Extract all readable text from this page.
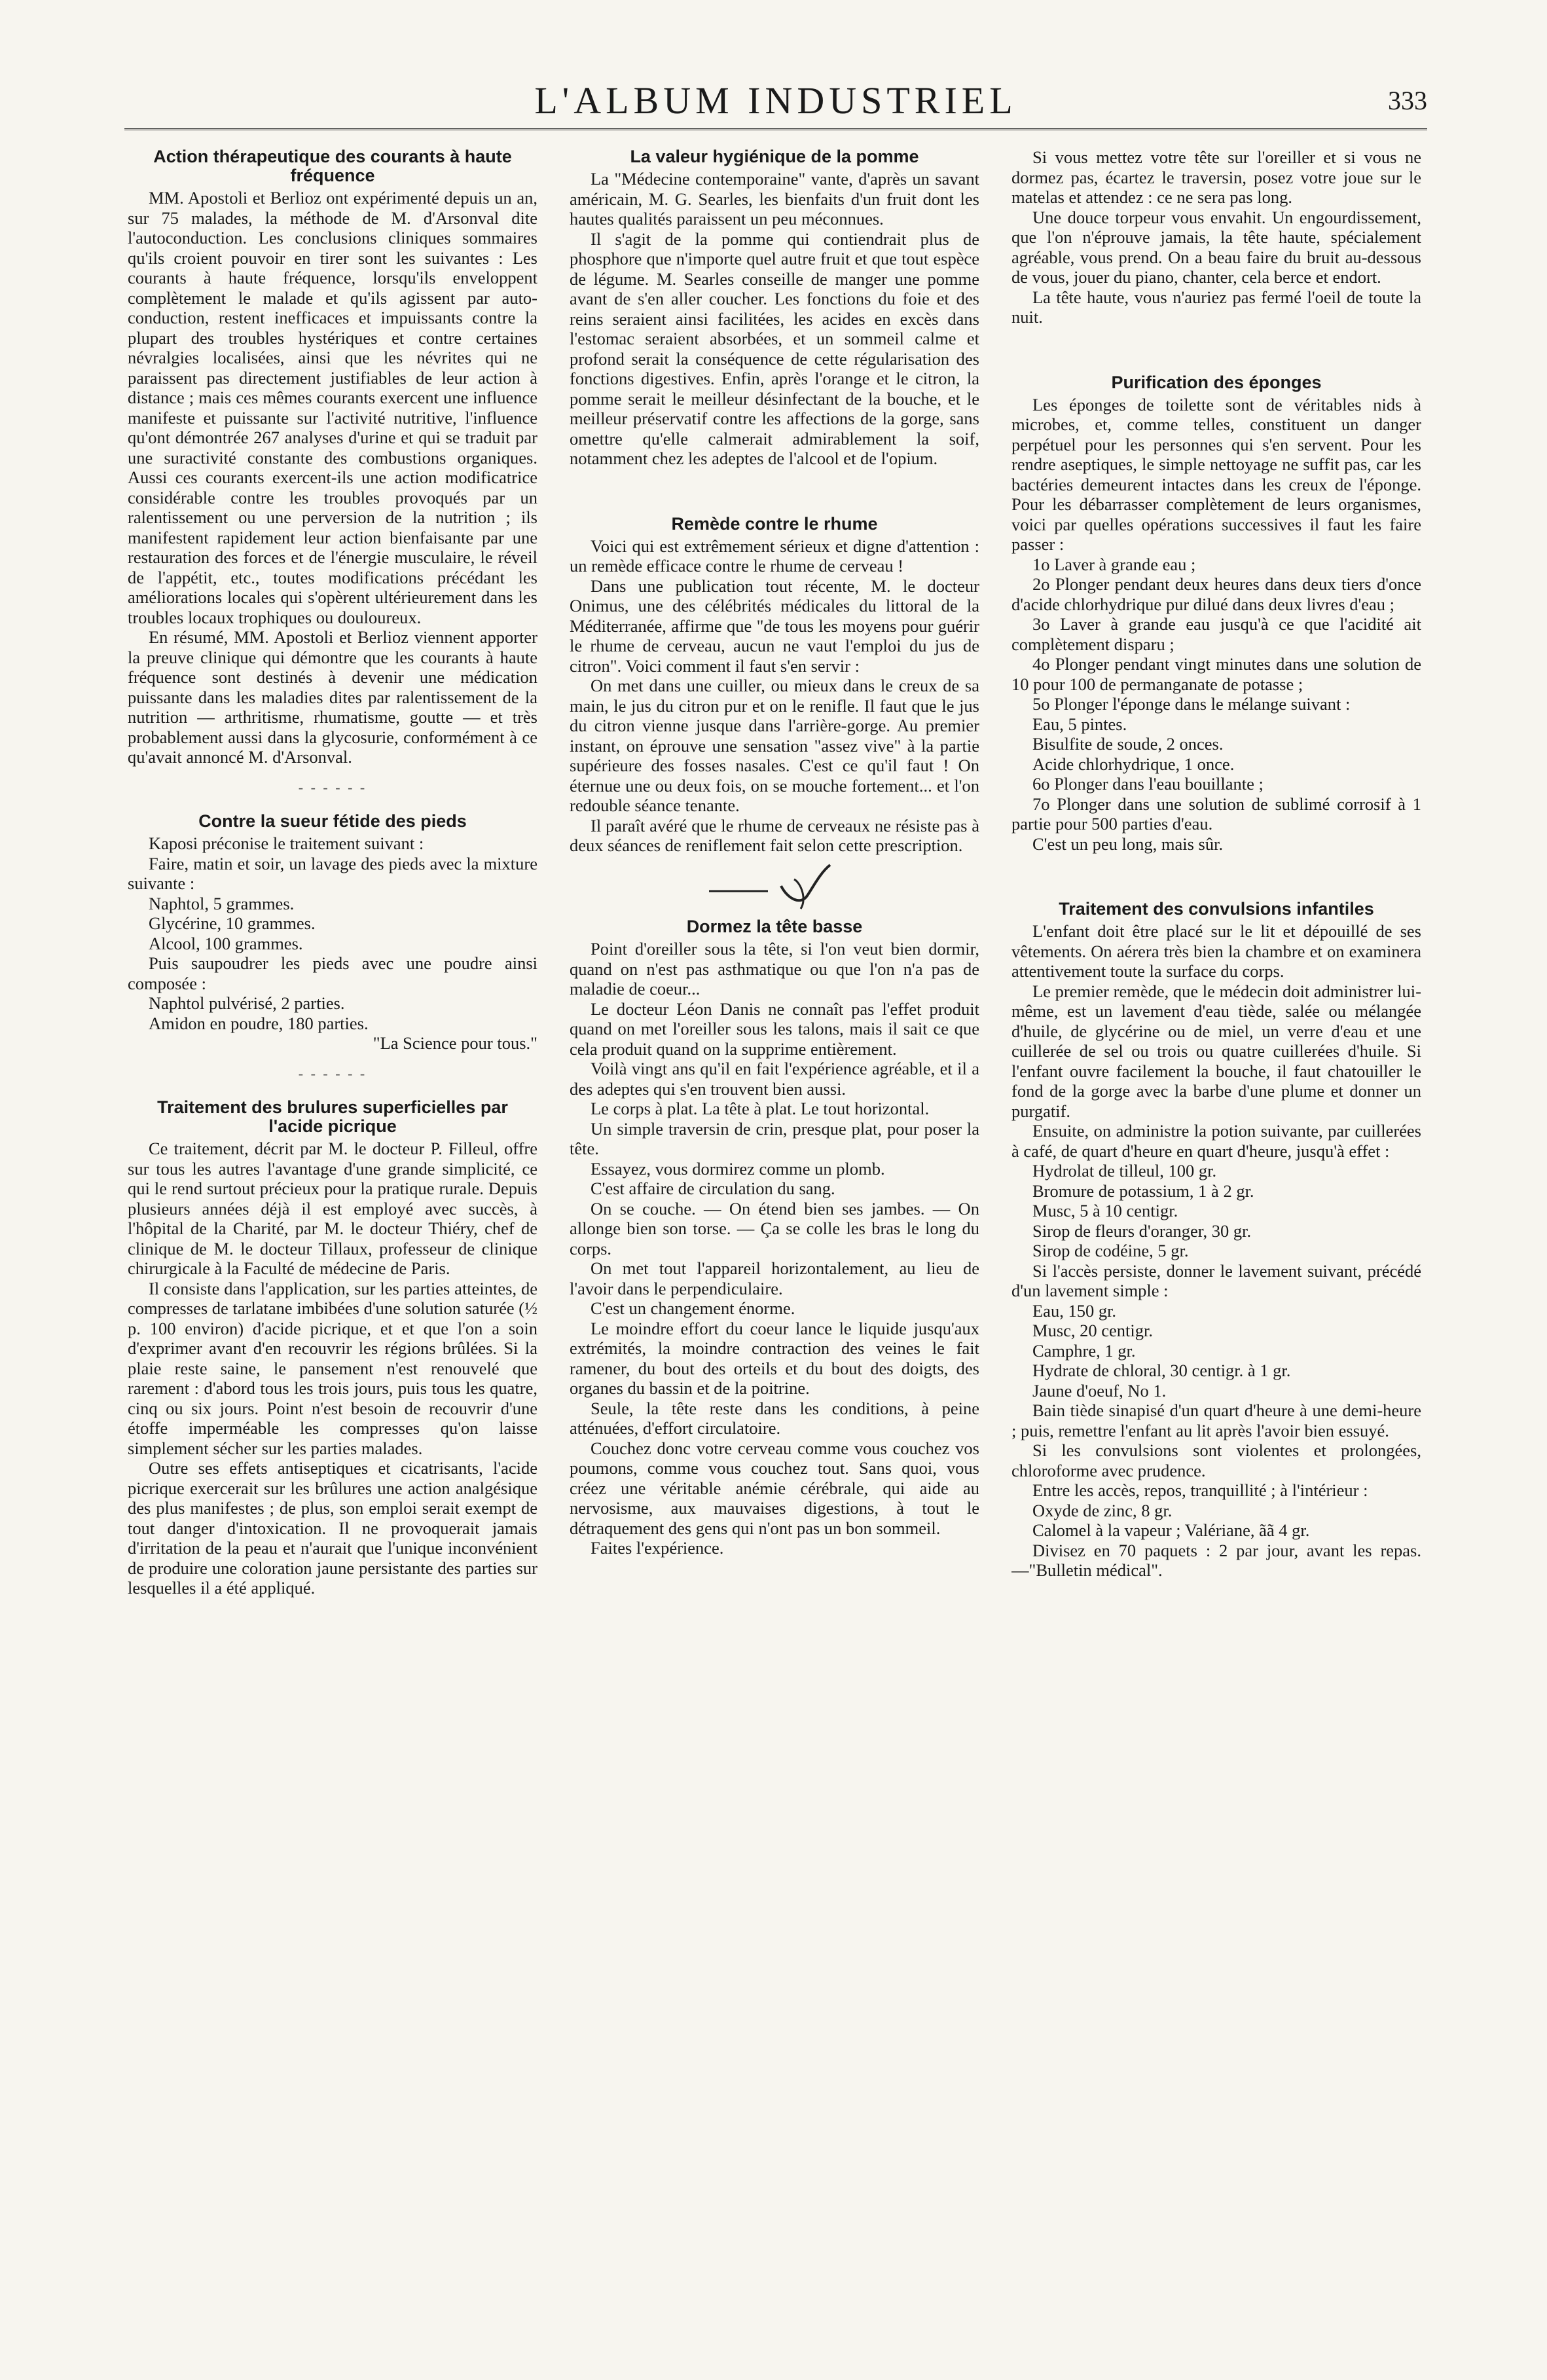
L'ALBUM INDUSTRIEL	333
Action thérapeutique des courants à haute fréquence

MM. Apostoli et Berlioz ont expérimenté depuis un an, sur 75 malades, la méthode de M. d'Arsonval dite l'autoconduction. Les conclusions cliniques sommaires qu'ils croient pouvoir en tirer sont les suivantes : Les courants à haute fréquence, lorsqu'ils enveloppent complètement le malade et qu'ils agissent par auto-conduction, restent inefficaces et impuissants contre la plupart des troubles hystériques et contre certaines névralgies localisées, ainsi que les névrites qui ne paraissent pas directement justifiables de leur action à distance ; mais ces mêmes courants exercent une influence manifeste et puissante sur l'activité nutritive, l'influence qu'ont démontrée 267 analyses d'urine et qui se traduit par une suractivité constante des combustions organiques. Aussi ces courants exercent-ils une action modificatrice considérable contre les troubles provoqués par un ralentissement ou une perversion de la nutrition ; ils manifestent rapidement leur action bienfaisante par une restauration des forces et de l'énergie musculaire, le réveil de l'appétit, etc., toutes modifications précédant les améliorations locales qui s'opèrent ultérieurement dans les troubles locaux trophiques ou douloureux.

En résumé, MM. Apostoli et Berlioz viennent apporter la preuve clinique qui démontre que les courants à haute fréquence sont destinés à devenir une médication puissante dans les maladies dites par ralentissement de la nutrition — arthritisme, rhumatisme, goutte — et très probablement aussi dans la glycosurie, conformément à ce qu'avait annoncé M. d'Arsonval.

- - - - - -
Contre la sueur fétide des pieds

Kaposi préconise le traitement suivant :

Faire, matin et soir, un lavage des pieds avec la mixture suivante :

Naphtol, 5 grammes.

Glycérine, 10 grammes.

Alcool, 100 grammes.

Puis saupoudrer les pieds avec une poudre ainsi composée :

Naphtol pulvérisé, 2 parties.

Amidon en poudre, 180 parties.

"La Science pour tous."

- - - - - -
Traitement des brulures superficielles par l'acide picrique

Ce traitement, décrit par M. le docteur P. Filleul, offre sur tous les autres l'avantage d'une grande simplicité, ce qui le rend surtout précieux pour la pratique rurale. Depuis plusieurs années déjà il est employé avec succès, à l'hôpital de la Charité, par M. le docteur Thiéry, chef de clinique de M. le docteur Tillaux, professeur de clinique chirurgicale à la Faculté de médecine de Paris.

Il consiste dans l'application, sur les parties atteintes, de compresses de tarlatane imbibées d'une solution saturée (½ p. 100 environ) d'acide picrique, et et que l'on a soin d'exprimer avant d'en recouvrir les régions brûlées. Si la plaie reste saine, le pansement n'est renouvelé que rarement : d'abord tous les trois jours, puis tous les quatre, cinq ou six jours. Point n'est besoin de recouvrir d'une étoffe imperméable les compresses qu'on laisse simplement sécher sur les parties malades.

Outre ses effets antiseptiques et cicatrisants, l'acide picrique exercerait sur les brûlures une action analgésique des plus manifestes ; de plus, son emploi serait exempt de tout danger d'intoxication. Il ne provoquerait jamais d'irritation de la peau et n'aurait que l'unique inconvénient de produire une coloration jaune persistante des parties sur lesquelles il a été appliqué.

La valeur hygiénique de la pomme

La "Médecine contemporaine" vante, d'après un savant américain, M. G. Searles, les bienfaits d'un fruit dont les hautes qualités paraissent un peu méconnues.

Il s'agit de la pomme qui contiendrait plus de phosphore que n'importe quel autre fruit et que tout espèce de légume. M. Searles conseille de manger une pomme avant de s'en aller coucher. Les fonctions du foie et des reins seraient ainsi facilitées, les acides en excès dans l'estomac seraient absorbées, et un sommeil calme et profond serait la conséquence de cette régularisation des fonctions digestives. Enfin, après l'orange et le citron, la pomme serait le meilleur désinfectant de la bouche, et le meilleur préservatif contre les affections de la gorge, sans omettre qu'elle calmerait admirablement la soif, notamment chez les adeptes de l'alcool et de l'opium.

Remède contre le rhume

Voici qui est extrêmement sérieux et digne d'attention : un remède efficace contre le rhume de cerveau !

Dans une publication tout récente, M. le docteur Onimus, une des célébrités médicales du littoral de la Méditerranée, affirme que "de tous les moyens pour guérir le rhume de cerveau, aucun ne vaut l'emploi du jus de citron". Voici comment il faut s'en servir :

On met dans une cuiller, ou mieux dans le creux de sa main, le jus du citron pur et on le renifle. Il faut que le jus du citron vienne jusque dans l'arrière-gorge. Au premier instant, on éprouve une sensation "assez vive" à la partie supérieure des fosses nasales. C'est ce qu'il faut ! On éternue une ou deux fois, on se mouche fortement... et l'on redouble séance tenante.

Il paraît avéré que le rhume de cerveaux ne résiste pas à deux séances de reniflement fait selon cette prescription.

Dormez la tête basse

Point d'oreiller sous la tête, si l'on veut bien dormir, quand on n'est pas asthmatique ou que l'on n'a pas de maladie de coeur...

Le docteur Léon Danis ne connaît pas l'effet produit quand on met l'oreiller sous les talons, mais il sait ce que cela produit quand on la supprime entièrement.

Voilà vingt ans qu'il en fait l'expérience agréable, et il a des adeptes qui s'en trouvent bien aussi.

Le corps à plat. La tête à plat. Le tout horizontal.

Un simple traversin de crin, presque plat, pour poser la tête.

Essayez, vous dormirez comme un plomb.

C'est affaire de circulation du sang.

On se couche. — On étend bien ses jambes. — On allonge bien son torse. — Ça se colle les bras le long du corps.

On met tout l'appareil horizontalement, au lieu de l'avoir dans le perpendiculaire.

C'est un changement énorme.

Le moindre effort du coeur lance le liquide jusqu'aux extrémités, la moindre contraction des veines le fait ramener, du bout des orteils et du bout des doigts, des organes du bassin et de la poitrine.

Seule, la tête reste dans les conditions, à peine atténuées, d'effort circulatoire.

Couchez donc votre cerveau comme vous couchez vos poumons, comme vous couchez tout. Sans quoi, vous créez une véritable anémie cérébrale, qui aide au nervosisme, aux mauvaises digestions, à tout le détraquement des gens qui n'ont pas un bon sommeil.

Faites l'expérience.

Si vous mettez votre tête sur l'oreiller et si vous ne dormez pas, écartez le traversin, posez votre joue sur le matelas et attendez : ce ne sera pas long.

Une douce torpeur vous envahit. Un engourdissement, que l'on n'éprouve jamais, la tête haute, spécialement agréable, vous prend. On a beau faire du bruit au-dessous de vous, jouer du piano, chanter, cela berce et endort.

La tête haute, vous n'auriez pas fermé l'oeil de toute la nuit.

Purification des éponges

Les éponges de toilette sont de véritables nids à microbes, et, comme telles, constituent un danger perpétuel pour les personnes qui s'en servent. Pour les rendre aseptiques, le simple nettoyage ne suffit pas, car les bactéries demeurent intactes dans les creux de l'éponge. Pour les débarrasser complètement de leurs organismes, voici par quelles opérations successives il faut les faire passer :

1o Laver à grande eau ;

2o Plonger pendant deux heures dans deux tiers d'once d'acide chlorhydrique pur dilué dans deux livres d'eau ;

3o Laver à grande eau jusqu'à ce que l'acidité ait complètement disparu ;

4o Plonger pendant vingt minutes dans une solution de 10 pour 100 de permanganate de potasse ;

5o Plonger l'éponge dans le mélange suivant :

Eau, 5 pintes.

Bisulfite de soude, 2 onces.

Acide chlorhydrique, 1 once.

6o Plonger dans l'eau bouillante ;

7o Plonger dans une solution de sublimé corrosif à 1 partie pour 500 parties d'eau.

C'est un peu long, mais sûr.

Traitement des convulsions infantiles

L'enfant doit être placé sur le lit et dépouillé de ses vêtements. On aérera très bien la chambre et on examinera attentivement toute la surface du corps.

Le premier remède, que le médecin doit administrer lui-même, est un lavement d'eau tiède, salée ou mélangée d'huile, de glycérine ou de miel, un verre d'eau et une cuillerée de sel ou trois ou quatre cuillerées d'huile. Si l'enfant ouvre facilement la bouche, il faut chatouiller le fond de la gorge avec la barbe d'une plume et donner un purgatif.

Ensuite, on administre la potion suivante, par cuillerées à café, de quart d'heure en quart d'heure, jusqu'à effet :

Hydrolat de tilleul, 100 gr.

Bromure de potassium, 1 à 2 gr.

Musc, 5 à 10 centigr.

Sirop de fleurs d'oranger, 30 gr.

Sirop de codéine, 5 gr.

Si l'accès persiste, donner le lavement suivant, précédé d'un lavement simple :

Eau, 150 gr.

Musc, 20 centigr.

Camphre, 1 gr.

Hydrate de chloral, 30 centigr. à 1 gr.

Jaune d'oeuf, No 1.

Bain tiède sinapisé d'un quart d'heure à une demi-heure ; puis, remettre l'enfant au lit après l'avoir bien essuyé.

Si les convulsions sont violentes et prolongées, chloroforme avec prudence.

Entre les accès, repos, tranquillité ; à l'intérieur :

Oxyde de zinc, 8 gr.

Calomel à la vapeur ; Valériane, ãã 4 gr.

Divisez en 70 paquets : 2 par jour, avant les repas.—"Bulletin médical".
